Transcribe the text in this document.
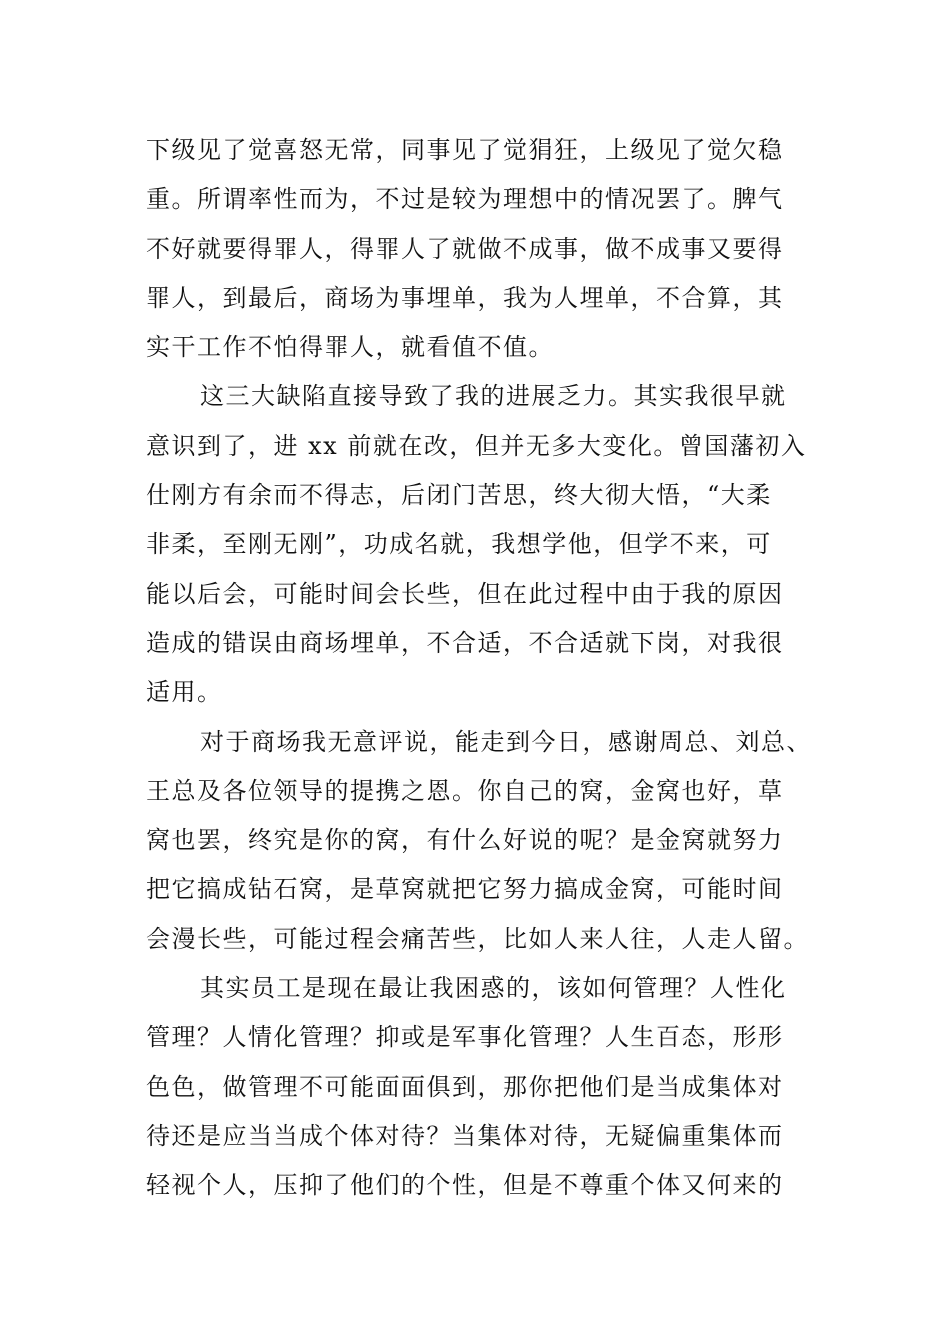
下级见了觉喜怒无常，同事见了觉狷狂，上级见了觉欠稳
重。所谓率性而为，不过是较为理想中的情况罢了。脾气
不好就要得罪人，得罪人了就做不成事，做不成事又要得
罪人，到最后，商场为事埋单，我为人埋单，不合算，其
实干工作不怕得罪人，就看值不值。
这三大缺陷直接导致了我的进展乏力。其实我很早就
意识到了，进 xx 前就在改，但并无多大变化。曾国藩初入
仕刚方有余而不得志，后闭门苦思，终大彻大悟，“大柔
非柔，至刚无刚”，功成名就，我想学他，但学不来，可
能以后会，可能时间会长些，但在此过程中由于我的原因
造成的错误由商场埋单，不合适，不合适就下岗，对我很
适用。
对于商场我无意评说，能走到今日，感谢周总、刘总、
王总及各位领导的提携之恩。你自己的窝，金窝也好，草
窝也罢，终究是你的窝，有什么好说的呢？是金窝就努力
把它搞成钻石窝，是草窝就把它努力搞成金窝，可能时间
会漫长些，可能过程会痛苦些，比如人来人往，人走人留。
其实员工是现在最让我困惑的，该如何管理？人性化
管理？人情化管理？抑或是军事化管理？人生百态，形形
色色，做管理不可能面面俱到，那你把他们是当成集体对
待还是应当当成个体对待？当集体对待，无疑偏重集体而
轻视个人，压抑了他们的个性，但是不尊重个体又何来的
